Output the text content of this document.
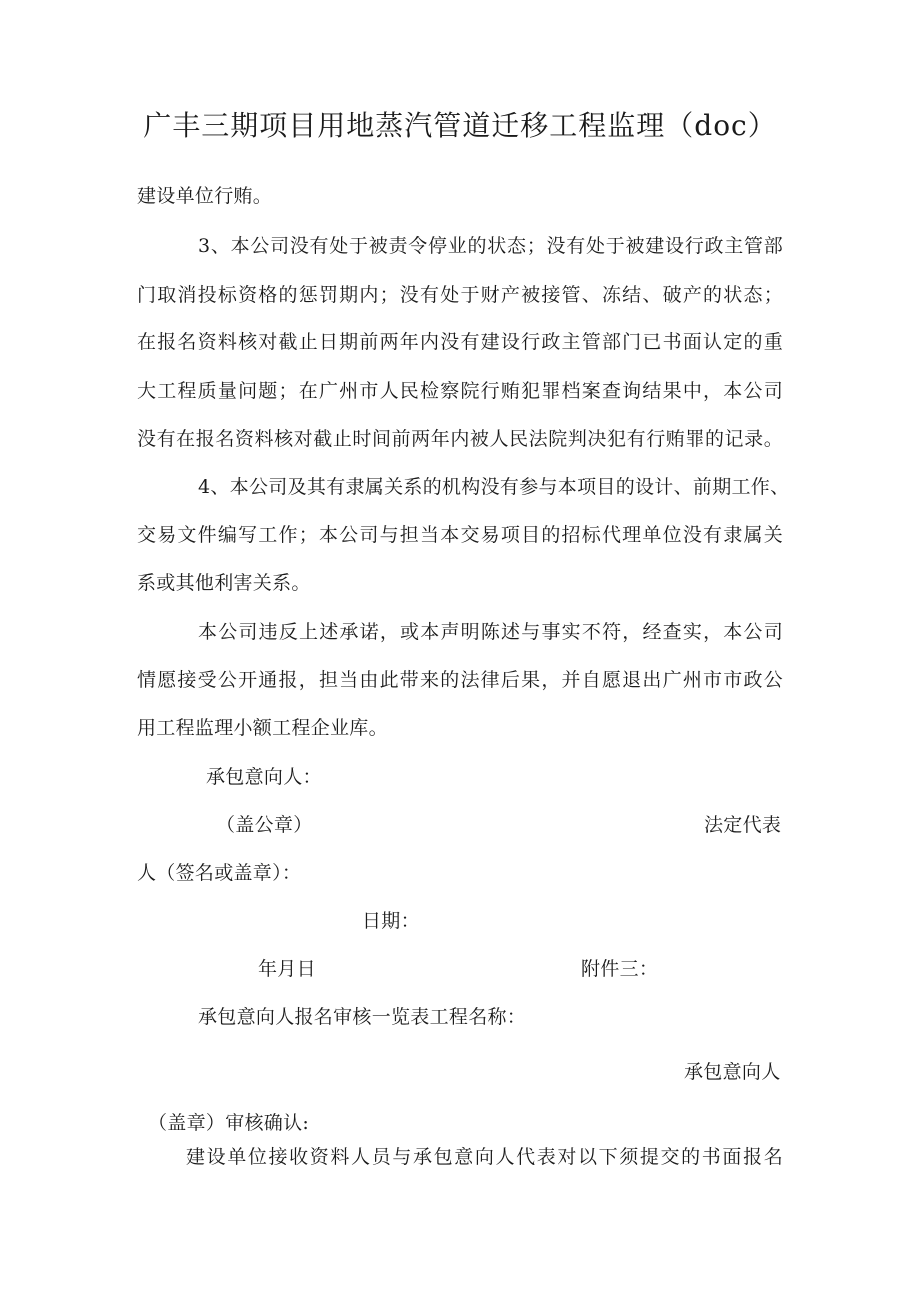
广丰三期项目用地蒸汽管道迁移工程监理（doc）
建设单位行贿。
3、本公司没有处于被责令停业的状态；没有处于被建设行政主管部
门取消投标资格的惩罚期内；没有处于财产被接管、冻结、破产的状态；
在报名资料核对截止日期前两年内没有建设行政主管部门已书面认定的重
大工程质量问题；在广州市人民检察院行贿犯罪档案查询结果中，本公司
没有在报名资料核对截止时间前两年内被人民法院判决犯有行贿罪的记录。
4、本公司及其有隶属关系的机构没有参与本项目的设计、前期工作、
交易文件编写工作；本公司与担当本交易项目的招标代理单位没有隶属关
系或其他利害关系。
本公司违反上述承诺，或本声明陈述与事实不符，经查实，本公司
情愿接受公开通报，担当由此带来的法律后果，并自愿退出广州市市政公
用工程监理小额工程企业库。
承包意向人：
（盖公章）	法定代表
人（签名或盖章）：
日期：
年月日	附件三：
承包意向人报名审核一览表工程名称：
承包意向人
（盖章）审核确认:
建设单位接收资料人员与承包意向人代表对以下须提交的书面报名
